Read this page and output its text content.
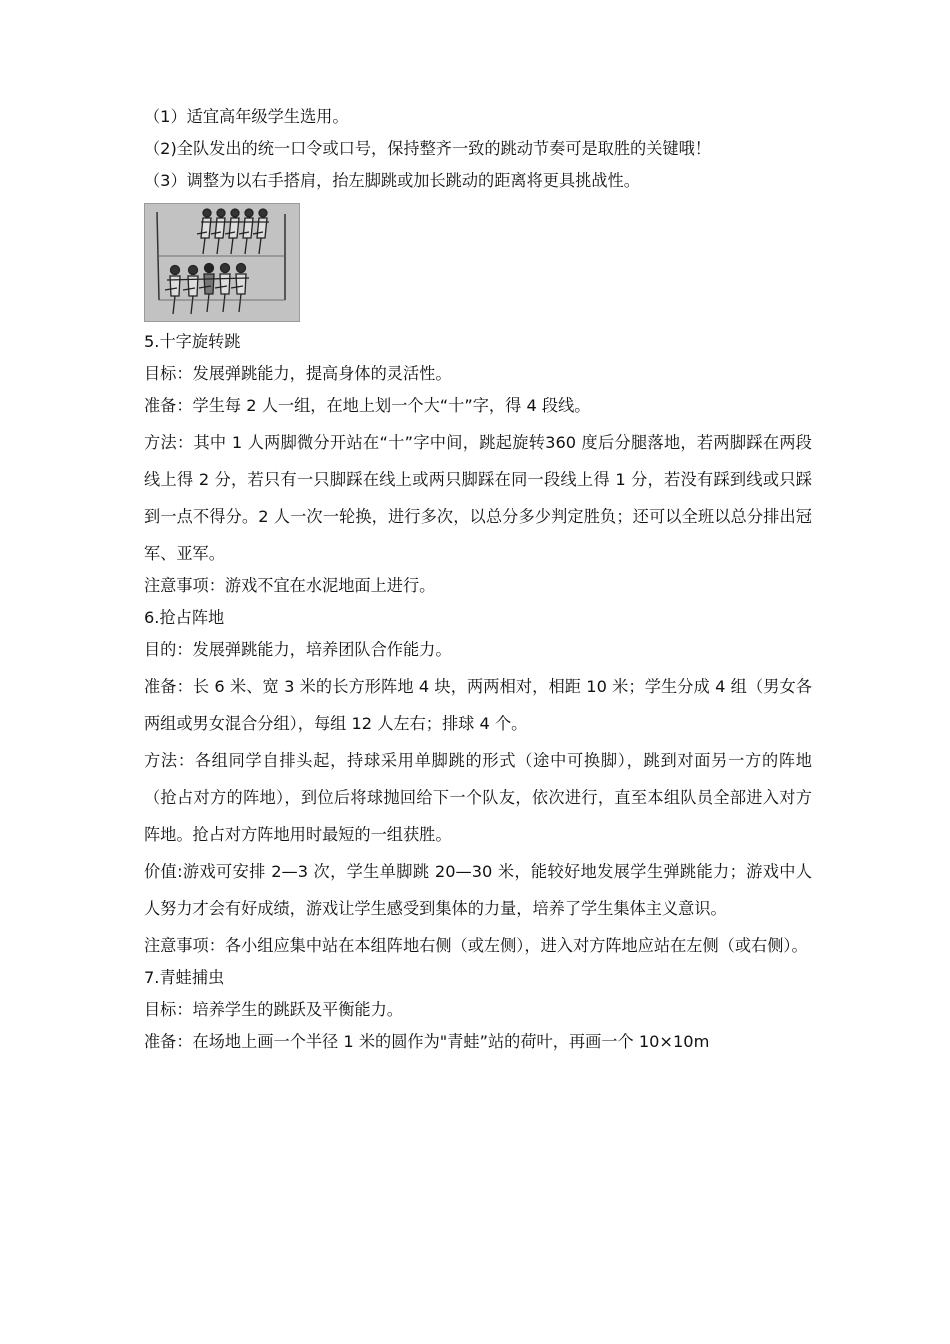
（1）适宜高年级学生选用。

（2)全队发出的统一口令或口号，保持整齐一致的跳动节奏可是取胜的关键哦！

（3）调整为以右手搭肩，抬左脚跳或加长跳动的距离将更具挑战性。

5.十字旋转跳

目标：发展弹跳能力，提高身体的灵活性。

准备：学生每 2 人一组，在地上划一个大“十”字，得 4 段线。

方法：其中 1 人两脚微分开站在“十”字中间，跳起旋转360 度后分腿落地，若两脚踩在两段线上得 2 分，若只有一只脚踩在线上或两只脚踩在同一段线上得 1 分，若没有踩到线或只踩到一点不得分。2 人一次一轮换，进行多次，以总分多少判定胜负；还可以全班以总分排出冠军、亚军。

注意事项：游戏不宜在水泥地面上进行。

6.抢占阵地

目的：发展弹跳能力，培养团队合作能力。

准备：长 6 米、宽 3 米的长方形阵地 4 块，两两相对，相距 10 米；学生分成 4 组（男女各两组或男女混合分组），每组 12 人左右；排球 4 个。

方法：各组同学自排头起，持球采用单脚跳的形式（途中可换脚），跳到对面另一方的阵地（抢占对方的阵地），到位后将球抛回给下一个队友，依次进行，直至本组队员全部进入对方阵地。抢占对方阵地用时最短的一组获胜。

价值:游戏可安排 2—3 次，学生单脚跳 20—30 米，能较好地发展学生弹跳能力；游戏中人人努力才会有好成绩，游戏让学生感受到集体的力量，培养了学生集体主义意识。

注意事项：各小组应集中站在本组阵地右侧（或左侧），进入对方阵地应站在左侧（或右侧）。

7.青蛙捕虫

目标：培养学生的跳跃及平衡能力。

准备：在场地上画一个半径 1 米的圆作为"青蛙”站的荷叶，再画一个 10×10m
